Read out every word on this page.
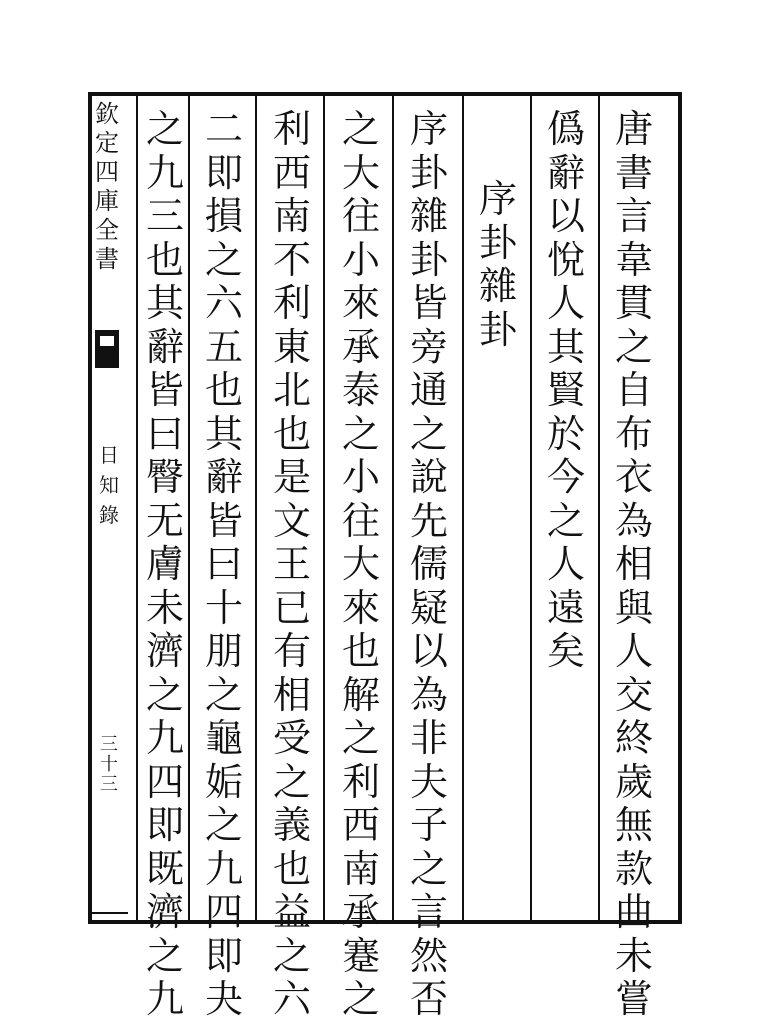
欽
定
四
庫
全
書
日
知
錄
三
十
三
唐
書
言
韋
貫
之
自
布
衣
為
相
與
人
交
終
歲
無
款
曲
未
嘗
僞
辭
以
悅
人
其
賢
於
今
之
人
遠
矣
序
卦
雜
卦
序
卦
雜
卦
皆
旁
通
之
說
先
儒
疑
以
為
非
夫
子
之
言
然
否
之
大
往
小
來
承
泰
之
小
往
大
來
也
解
之
利
西
南
承
蹇
之
利
西
南
不
利
東
北
也
是
文
王
已
有
相
受
之
義
也
益
之
六
二
即
損
之
六
五
也
其
辭
皆
曰
十
朋
之
龜
姤
之
九
四
即
夬
之
九
三
也
其
辭
皆
曰
臀
无
膚
未
濟
之
九
四
即
既
濟
之
九
